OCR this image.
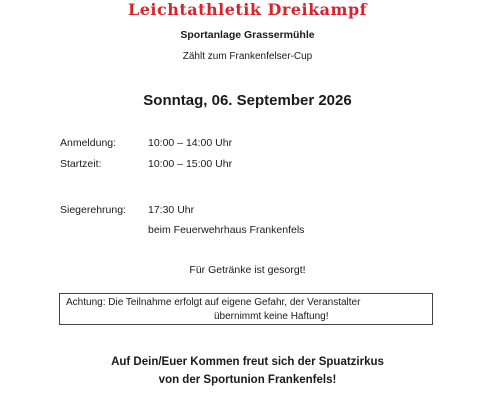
Leichtathletik Dreikampf
Sportanlage Grassermühle
Zählt zum Frankenfelser-Cup
Sonntag, 06. September 2026
Anmeldung:	10:00 – 14:00 Uhr
Startzeit:	10:00 – 15:00 Uhr
Siegerehrung: 17:30 Uhr
beim Feuerwehrhaus Frankenfels
Für Getränke ist gesorgt!
Achtung: Die Teilnahme erfolgt auf eigene Gefahr, der Veranstalter
übernimmt keine Haftung!
Auf Dein/Euer Kommen freut sich der Spuatzirkus
von der Sportunion Frankenfels!
